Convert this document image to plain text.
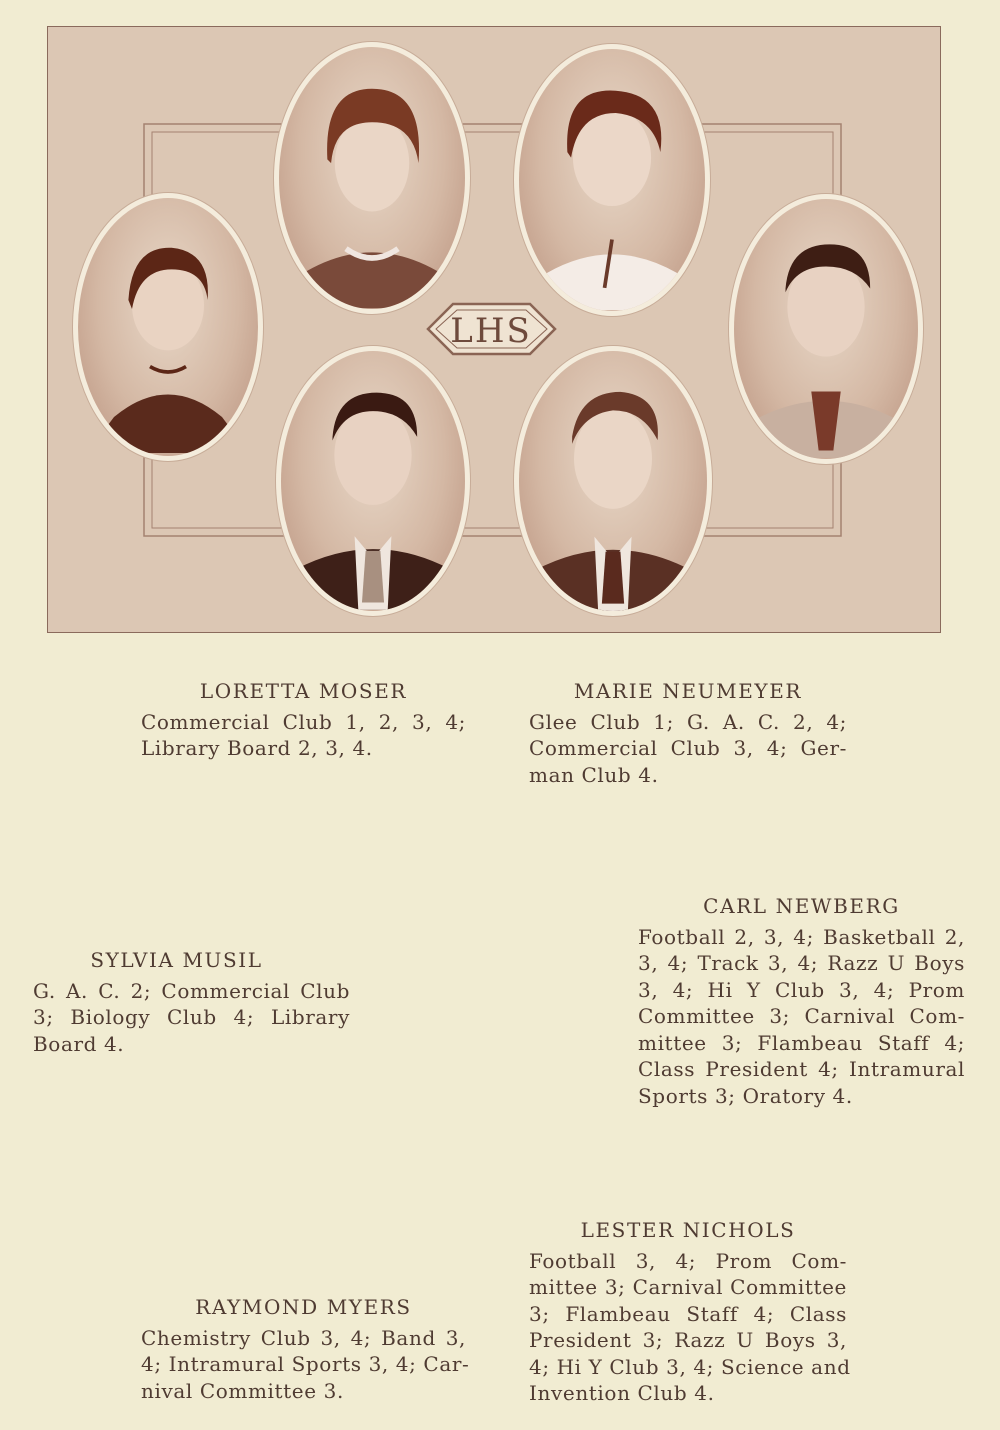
LHS
LORETTA MOSER
Commercial Club 1, 2, 3, 4;
Library Board 2, 3, 4.
MARIE NEUMEYER
Glee Club 1; G. A. C. 2, 4;
Commercial Club 3, 4; Ger-
man Club 4.
CARL NEWBERG
Football 2, 3, 4; Basketball 2,
3, 4; Track 3, 4; Razz U Boys
3, 4; Hi Y Club 3, 4; Prom
Committee 3; Carnival Com-
mittee 3; Flambeau Staff 4;
Class President 4; Intramural
Sports 3; Oratory 4.
SYLVIA MUSIL
G. A. C. 2; Commercial Club
3; Biology Club 4; Library
Board 4.
LESTER NICHOLS
Football 3, 4; Prom Com-
mittee 3; Carnival Committee
3; Flambeau Staff 4; Class
President 3; Razz U Boys 3,
4; Hi Y Club 3, 4; Science and
Invention Club 4.
RAYMOND MYERS
Chemistry Club 3, 4; Band 3,
4; Intramural Sports 3, 4; Car-
nival Committee 3.
